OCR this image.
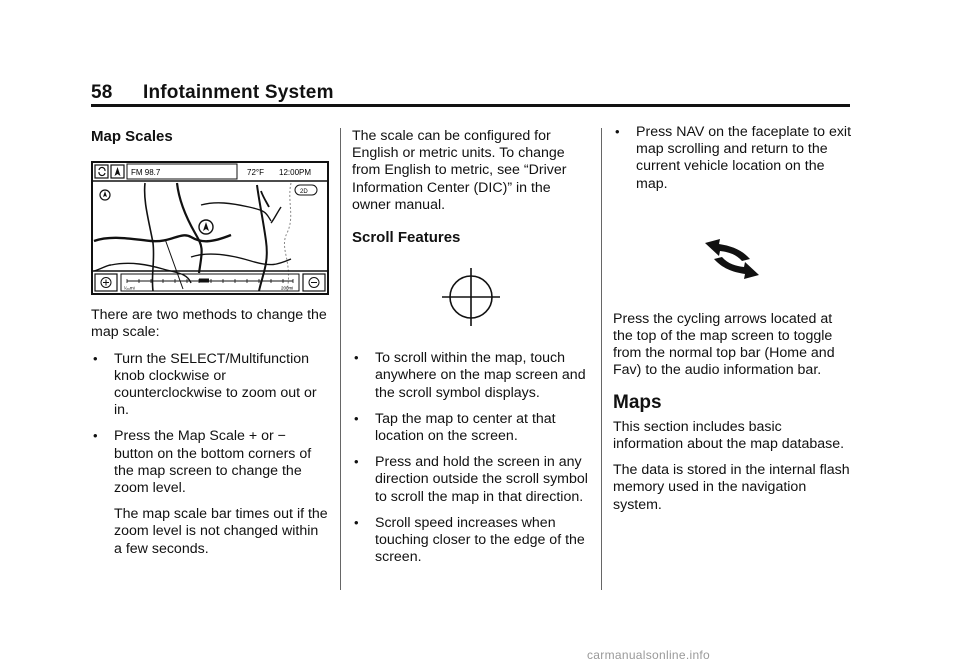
58 Infotainment System
Map Scales
FM 98.7	72°F 12:00PM
2D
¹⁄₂₀mi	200mi

There are two methods to change the map scale:

• Turn the SELECT/Multifunction knob clockwise or counterclockwise to zoom out or in.
• Press the Map Scale + or − button on the bottom corners of the map screen to change the zoom level.

The map scale bar times out if the zoom level is not changed within a few seconds.

The scale can be configured for English or metric units. To change from English to metric, see “Driver Information Center (DIC)” in the owner manual.

Scroll Features
• To scroll within the map, touch anywhere on the map screen and the scroll symbol displays.
• Tap the map to center at that location on the screen.
• Press and hold the screen in any direction outside the scroll symbol to scroll the map in that direction.
• Scroll speed increases when touching closer to the edge of the screen.
• Press NAV on the faceplate to exit map scrolling and return to the current vehicle location on the map.

Press the cycling arrows located at the top of the map screen to toggle from the normal top bar (Home and Fav) to the audio information bar.

Maps

This section includes basic information about the map database.

The data is stored in the internal flash memory used in the navigation system.

carmanualsonline.info
